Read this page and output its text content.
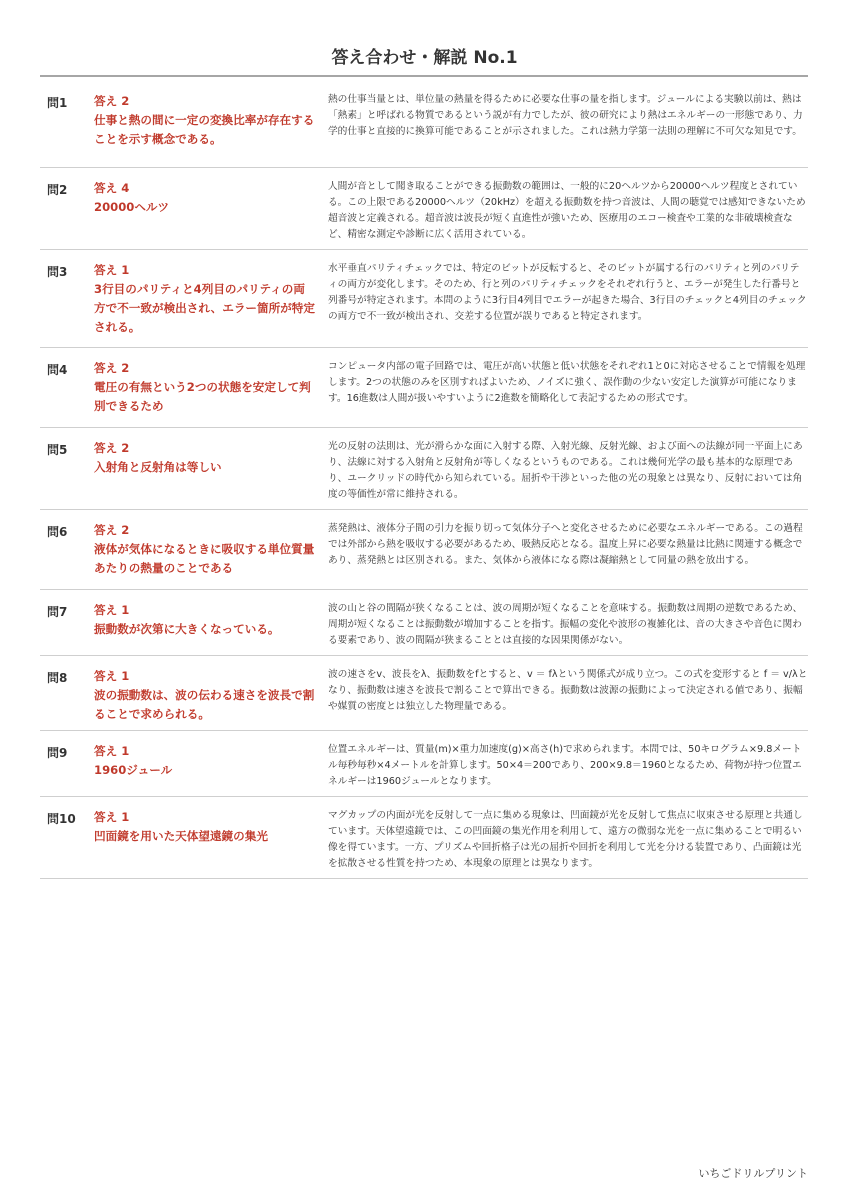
答え合わせ・解説 No.1
問1 答え 2
仕事と熱の間に一定の変換比率が存在することを示す概念である。
熱の仕事当量とは、単位量の熱量を得るために必要な仕事の量を指します。ジュールによる実験以前は、熱は「熱素」と呼ばれる物質であるという説が有力でしたが、彼の研究により熱はエネルギーの一形態であり、力学的仕事と直接的に換算可能であることが示されました。これは熱力学第一法則の理解に不可欠な知見です。
問2 答え 4
20000ヘルツ
人間が音として聞き取ることができる振動数の範囲は、一般的に20ヘルツから20000ヘルツ程度とされている。この上限である20000ヘルツ（20kHz）を超える振動数を持つ音波は、人間の聴覚では感知できないため超音波と定義される。超音波は波長が短く直進性が強いため、医療用のエコー検査や工業的な非破壊検査など、精密な測定や診断に広く活用されている。
問3 答え 1
3行目のパリティと4列目のパリティの両方で不一致が検出され、エラー箇所が特定される。
水平垂直パリティチェックでは、特定のビットが反転すると、そのビットが属する行のパリティと列のパリティの両方が変化します。そのため、行と列のパリティチェックをそれぞれ行うと、エラーが発生した行番号と列番号が特定されます。本問のように3行目4列目でエラーが起きた場合、3行目のチェックと4列目のチェックの両方で不一致が検出され、交差する位置が誤りであると特定されます。
問4 答え 2
電圧の有無という2つの状態を安定して判別できるため
コンピュータ内部の電子回路では、電圧が高い状態と低い状態をそれぞれ1と0に対応させることで情報を処理します。2つの状態のみを区別すればよいため、ノイズに強く、誤作動の少ない安定した演算が可能になります。16進数は人間が扱いやすいように2進数を簡略化して表記するための形式です。
問5 答え 2
入射角と反射角は等しい
光の反射の法則は、光が滑らかな面に入射する際、入射光線、反射光線、および面への法線が同一平面上にあり、法線に対する入射角と反射角が等しくなるというものである。これは幾何光学の最も基本的な原理であり、ユークリッドの時代から知られている。屈折や干渉といった他の光の現象とは異なり、反射においては角度の等価性が常に維持される。
問6 答え 2
液体が気体になるときに吸収する単位質量あたりの熱量のことである
蒸発熱は、液体分子間の引力を振り切って気体分子へと変化させるために必要なエネルギーである。この過程では外部から熱を吸収する必要があるため、吸熱反応となる。温度上昇に必要な熱量は比熱に関連する概念であり、蒸発熱とは区別される。また、気体から液体になる際は凝縮熱として同量の熱を放出する。
問7 答え 1
振動数が次第に大きくなっている。
波の山と谷の間隔が狭くなることは、波の周期が短くなることを意味する。振動数は周期の逆数であるため、周期が短くなることは振動数が増加することを指す。振幅の変化や波形の複雑化は、音の大きさや音色に関わる要素であり、波の間隔が狭まることとは直接的な因果関係がない。
問8 答え 1
波の振動数は、波の伝わる速さを波長で割ることで求められる。
波の速さをv、波長をλ、振動数をfとすると、v ＝ fλという関係式が成り立つ。この式を変形すると f ＝ v/λとなり、振動数は速さを波長で割ることで算出できる。振動数は波源の振動によって決定される値であり、振幅や媒質の密度とは独立した物理量である。
問9 答え 1
1960ジュール
位置エネルギーは、質量(m)×重力加速度(g)×高さ(h)で求められます。本問では、50キログラム×9.8メートル毎秒毎秒×4メートルを計算します。50×4＝200であり、200×9.8＝1960となるため、荷物が持つ位置エネルギーは1960ジュールとなります。
問10 答え 1
凹面鏡を用いた天体望遠鏡の集光
マグカップの内面が光を反射して一点に集める現象は、凹面鏡が光を反射して焦点に収束させる原理と共通しています。天体望遠鏡では、この凹面鏡の集光作用を利用して、遠方の微弱な光を一点に集めることで明るい像を得ています。一方、プリズムや回折格子は光の屈折や回折を利用して光を分ける装置であり、凸面鏡は光を拡散させる性質を持つため、本現象の原理とは異なります。
いちごドリルプリント
